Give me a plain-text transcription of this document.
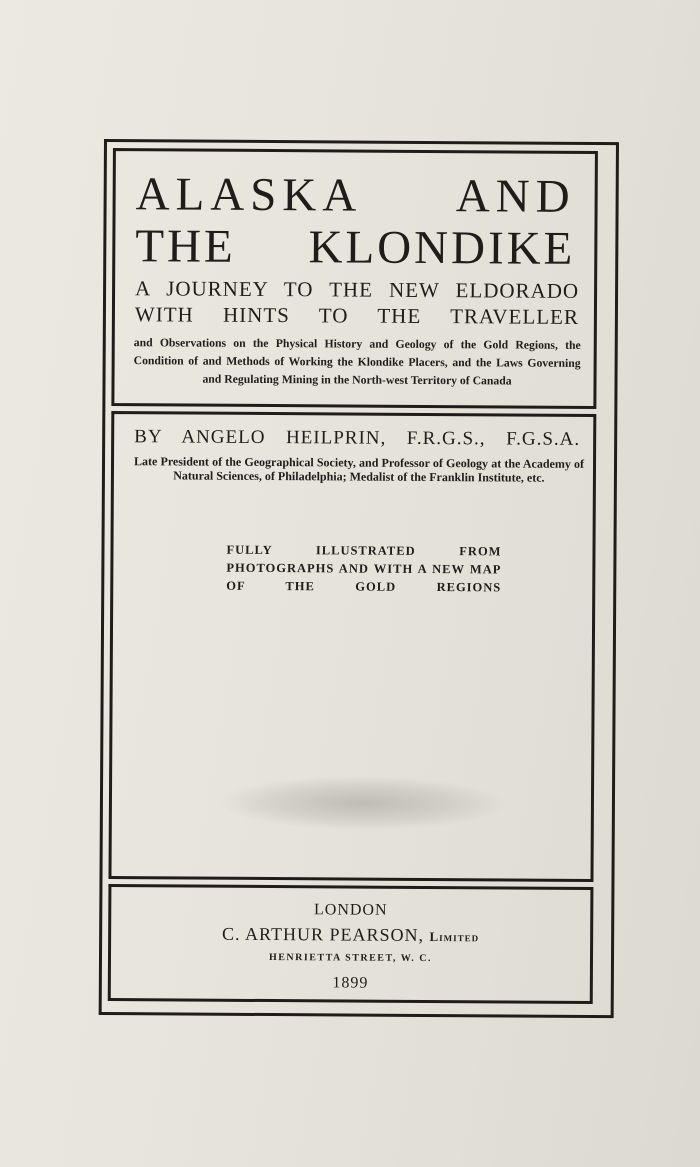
ALASKA AND
THE KLONDIKE
A JOURNEY TO THE NEW ELDORADO
WITH HINTS TO THE TRAVELLER
and Observations on the Physical History and Geology of the Gold Regions, the Condition of and Methods of Working the Klondike Placers, and the Laws Governing and Regulating Mining in the North-west Territory of Canada
BY ANGELO HEILPRIN, F.R.G.S., F.G.S.A.
Late President of the Geographical Society, and Professor of Geology at the Academy of Natural Sciences, of Philadelphia; Medalist of the Franklin Institute, etc.
FULLY ILLUSTRATED FROM PHOTOGRAPHS AND WITH A NEW MAP OF THE GOLD REGIONS
LONDON
C. ARTHUR PEARSON, Limited
HENRIETTA STREET, W. C.
1899
